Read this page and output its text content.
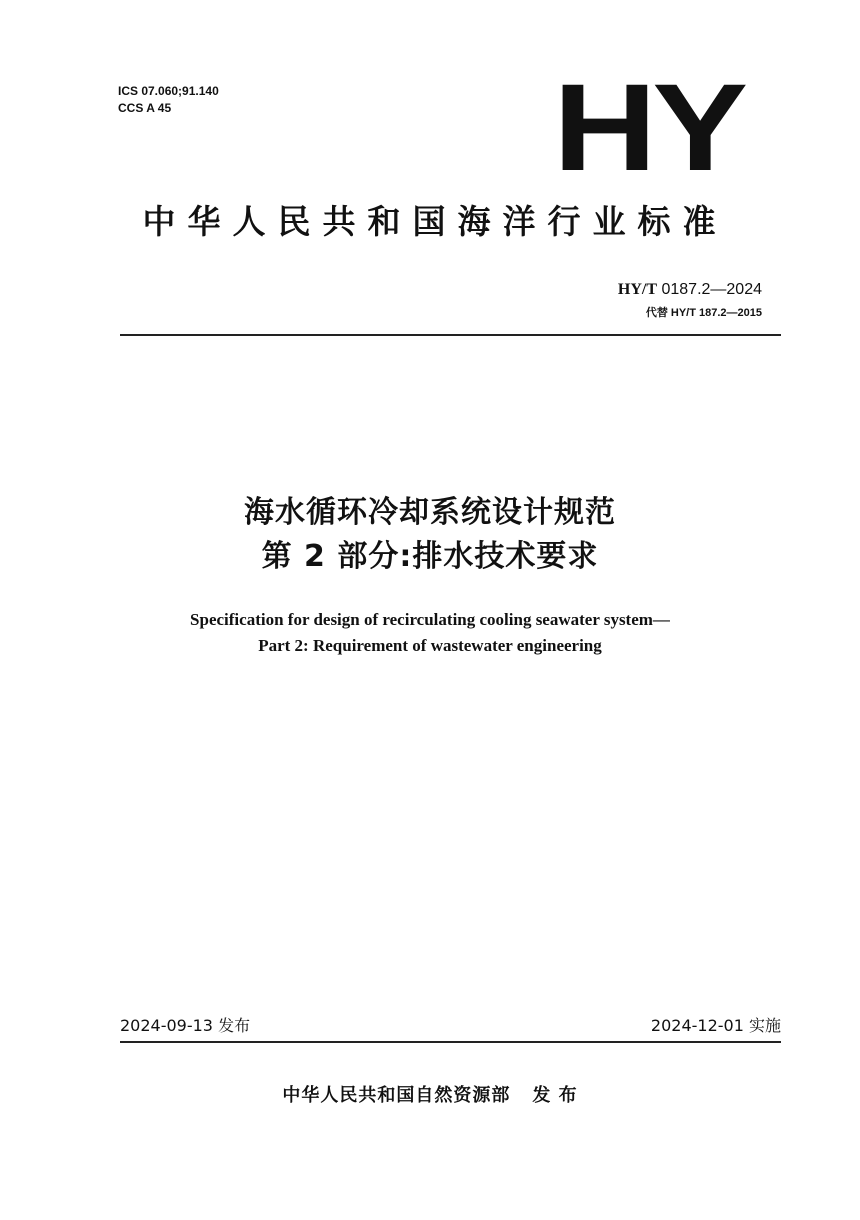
ICS 07.060;91.140
CCS A 45	HY
中华人民共和国海洋行业标准
HY/T 0187.2—2024
代替 HY/T 187.2—2015
海水循环冷却系统设计规范
第 2 部分:排水技术要求
Specification for design of recirculating cooling seawater system—
Part 2: Requirement of wastewater engineering
2024-09-13 发布	2024-12-01 实施
中华人民共和国自然资源部 发 布
